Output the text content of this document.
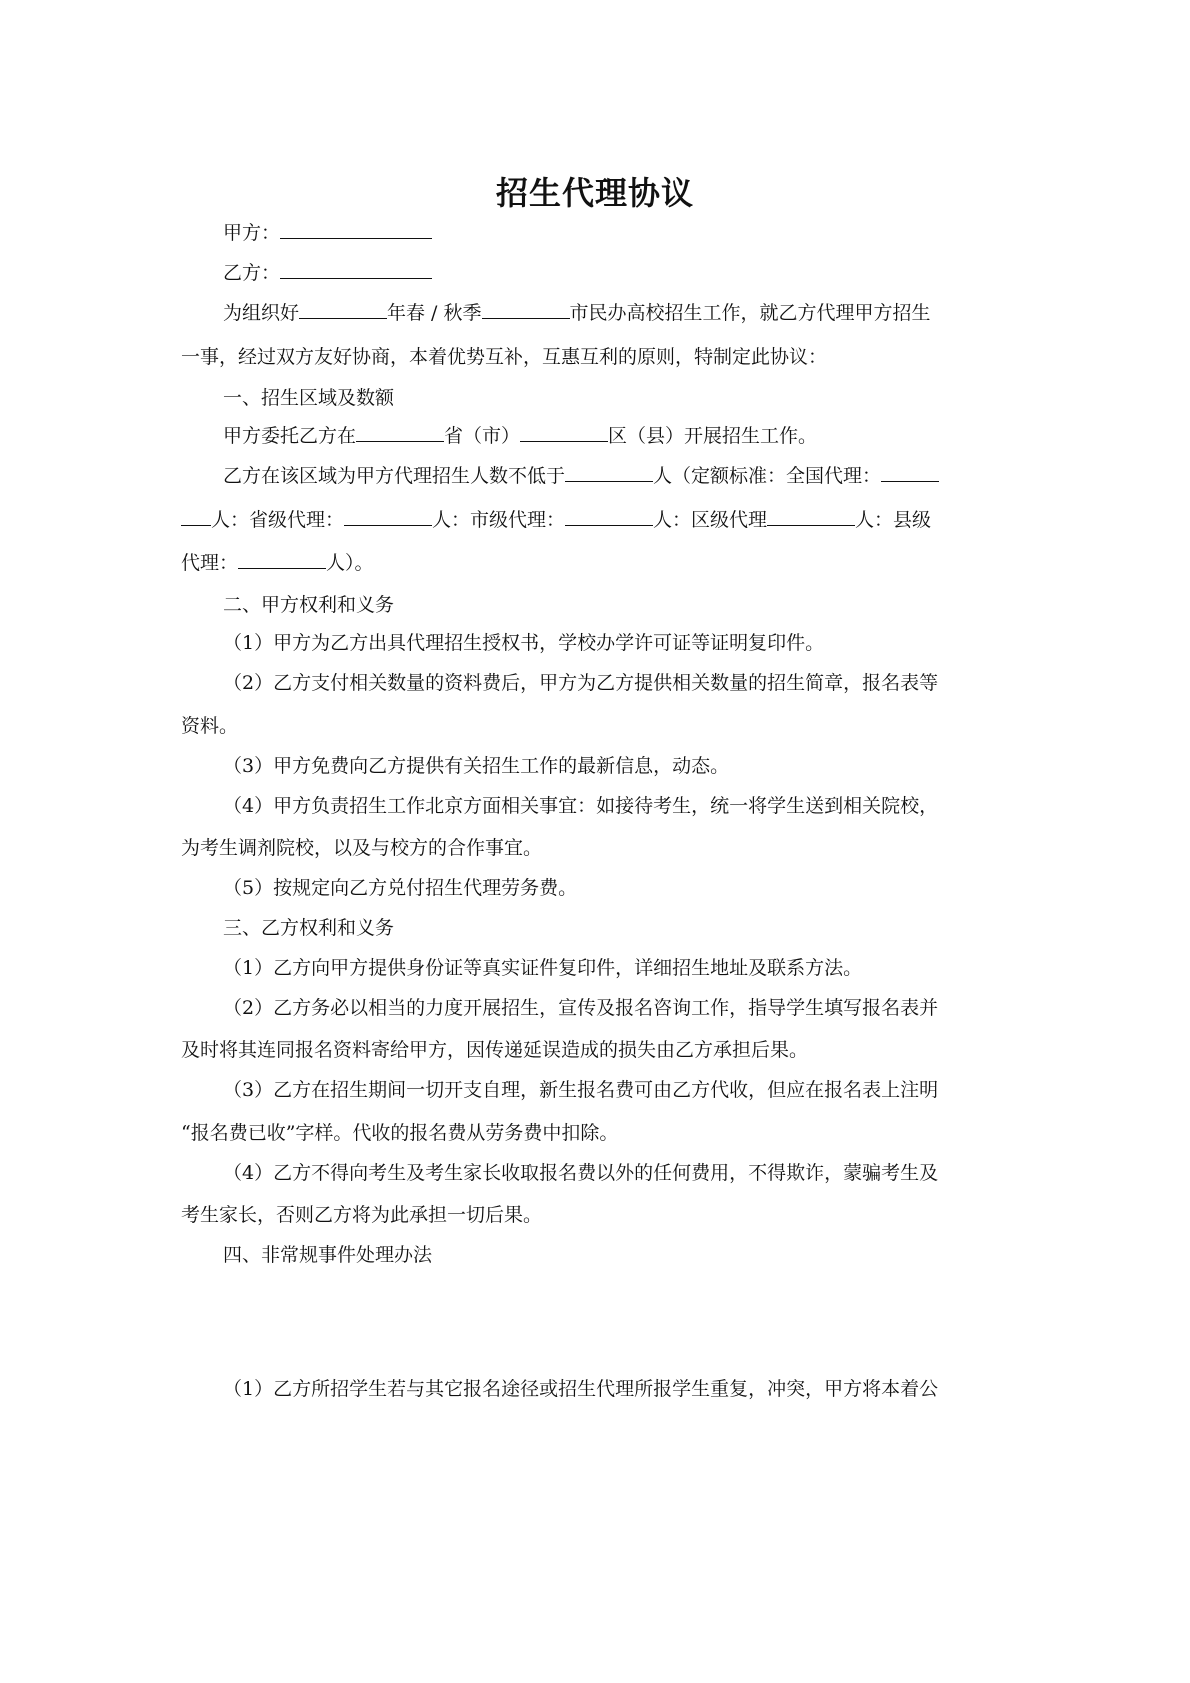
招生代理协议

甲方：

乙方：

为组织好	年春 / 秋季	市民办高校招生工作，就乙方代理甲方招生

一事，经过双方友好协商，本着优势互补，互惠互利的原则，特制定此协议：

一、招生区域及数额

甲方委托乙方在	省（市）	区（县）开展招生工作。

乙方在该区域为甲方代理招生人数不低于	人（定额标准：全国代理：

人：省级代理：	人：市级代理：	人：区级代理	人：县级

代理：	人）。

二、甲方权利和义务

（1）甲方为乙方出具代理招生授权书，学校办学许可证等证明复印件。

（2）乙方支付相关数量的资料费后，甲方为乙方提供相关数量的招生简章，报名表等

资料。

（3）甲方免费向乙方提供有关招生工作的最新信息，动态。

（4）甲方负责招生工作北京方面相关事宜：如接待考生，统一将学生送到相关院校，

为考生调剂院校，以及与校方的合作事宜。

（5）按规定向乙方兑付招生代理劳务费。

三、乙方权利和义务

（1）乙方向甲方提供身份证等真实证件复印件，详细招生地址及联系方法。

（2）乙方务必以相当的力度开展招生，宣传及报名咨询工作，指导学生填写报名表并

及时将其连同报名资料寄给甲方，因传递延误造成的损失由乙方承担后果。

（3）乙方在招生期间一切开支自理，新生报名费可由乙方代收，但应在报名表上注明

“报名费已收”字样。代收的报名费从劳务费中扣除。

（4）乙方不得向考生及考生家长收取报名费以外的任何费用，不得欺诈，蒙骗考生及

考生家长，否则乙方将为此承担一切后果。

四、非常规事件处理办法

（1）乙方所招学生若与其它报名途径或招生代理所报学生重复，冲突，甲方将本着公
